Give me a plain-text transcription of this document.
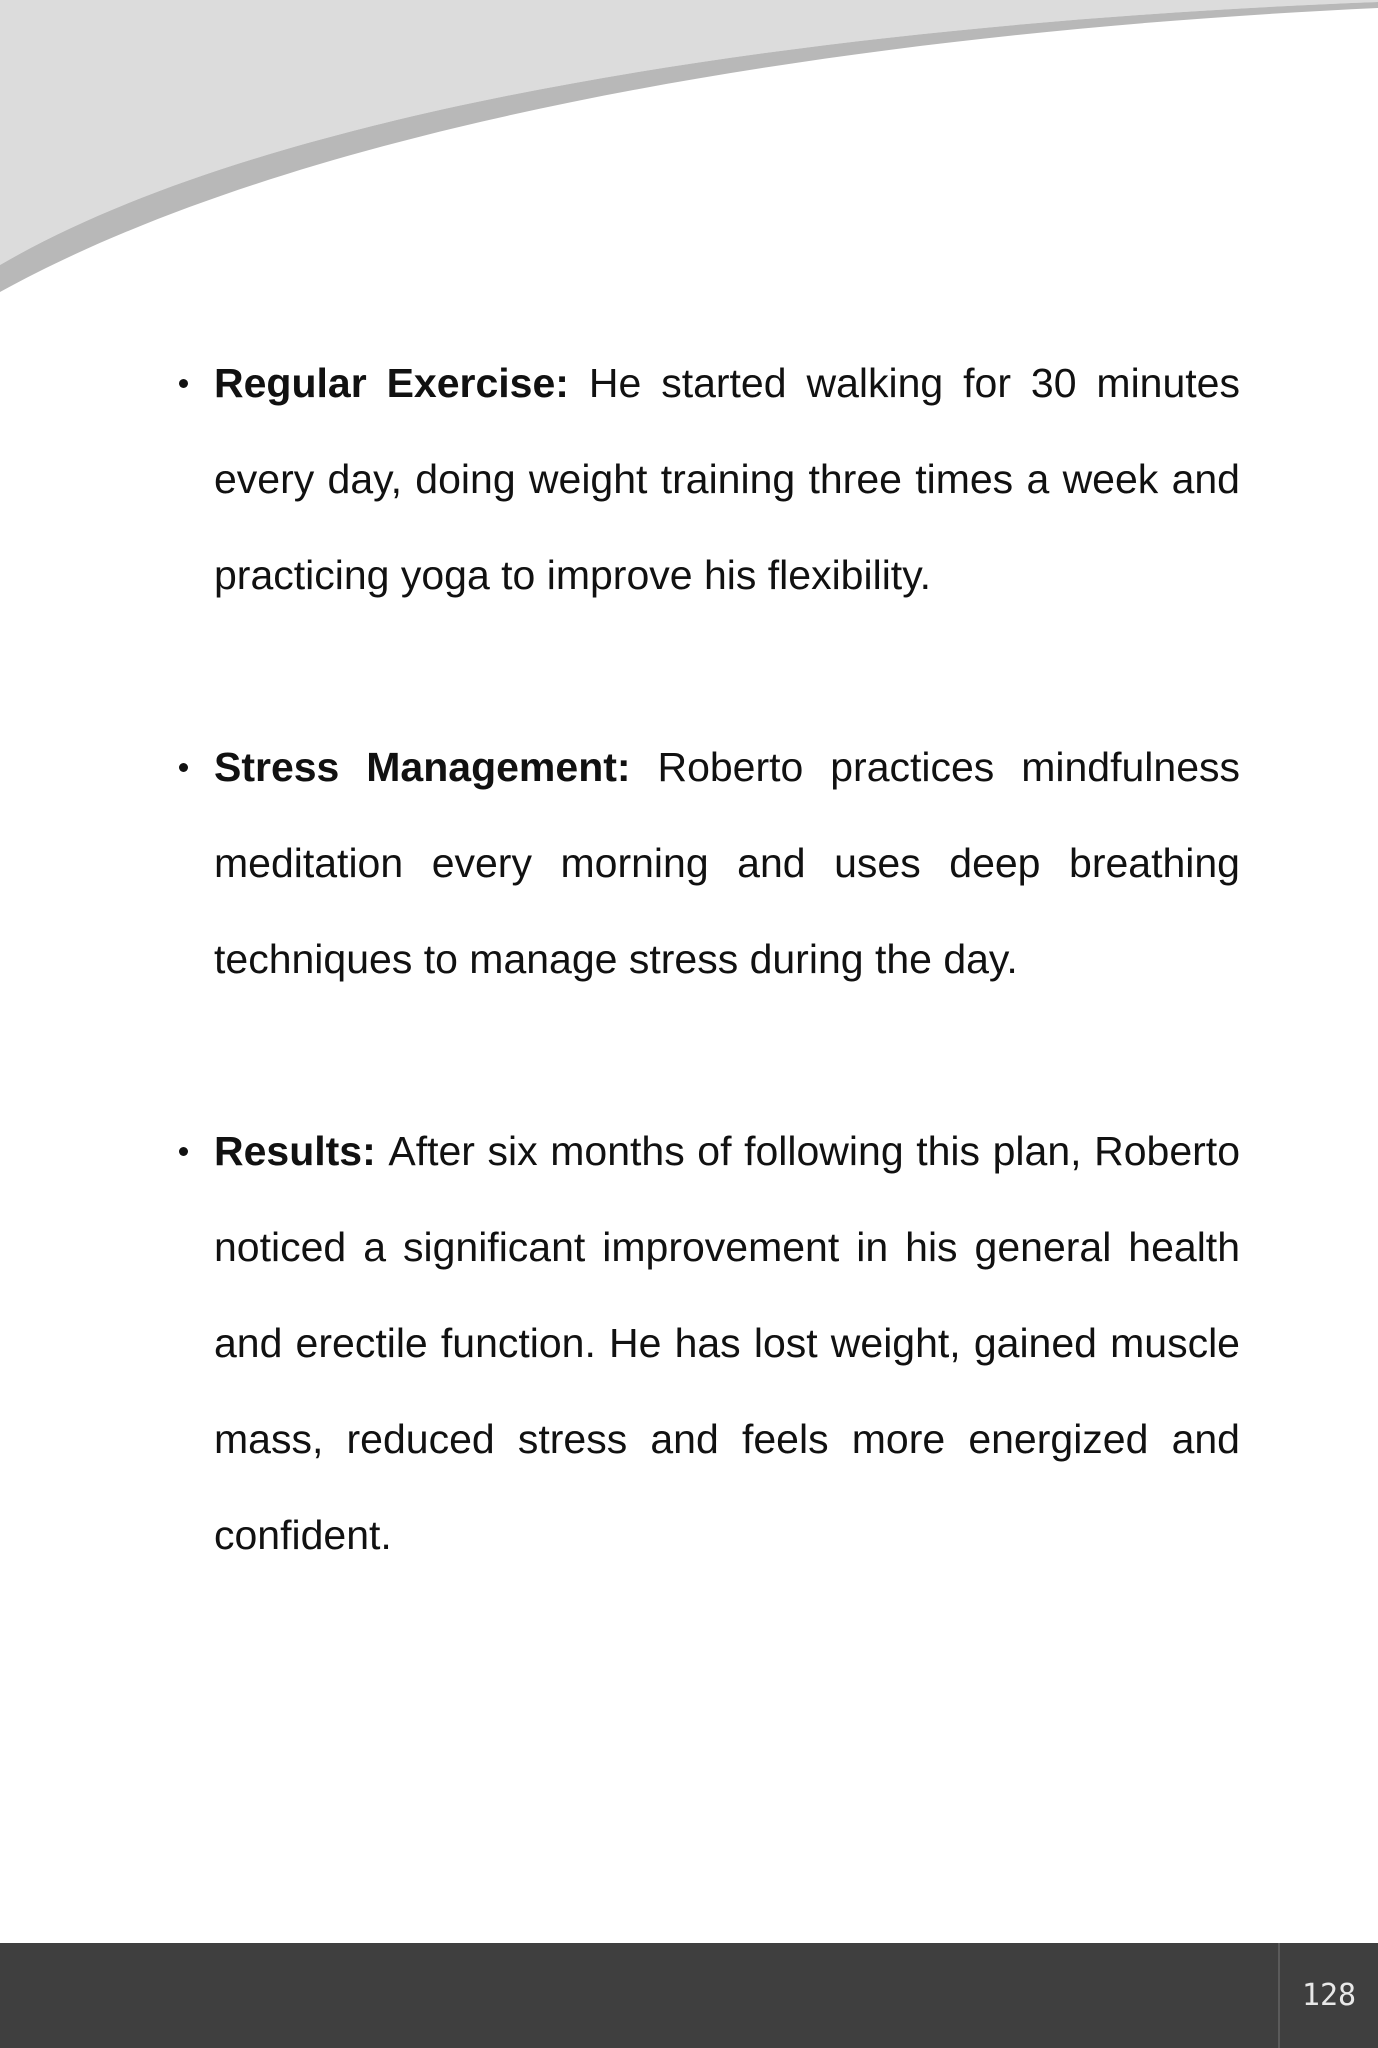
Regular Exercise: He started walking for 30 minutes every day, doing weight training three times a week and practicing yoga to improve his flexibility.
Stress Management: Roberto practices mindfulness meditation every morning and uses deep breathing techniques to manage stress during the day.
Results: After six months of following this plan, Roberto noticed a significant improvement in his general health and erectile function. He has lost weight, gained muscle mass, reduced stress and feels more energized and confident.
128
